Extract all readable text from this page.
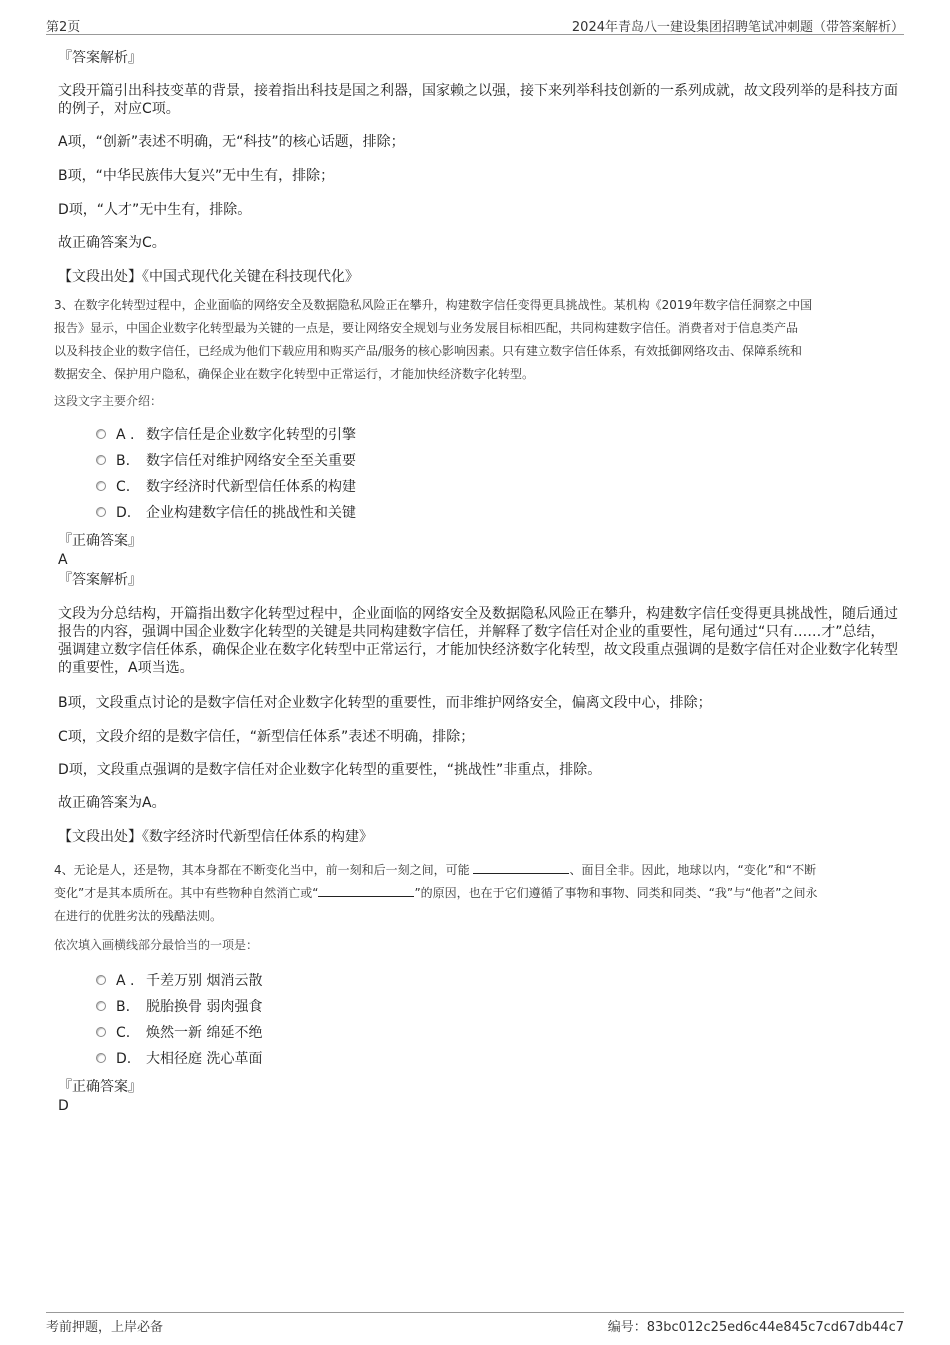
第2页	2024年青岛八一建设集团招聘笔试冲刺题（带答案解析）
『答案解析』
文段开篇引出科技变革的背景，接着指出科技是国之利器，国家赖之以强，接下来列举科技创新的一系列成就，故文段列举的是科技方面的例子，对应C项。
A项，“创新”表述不明确，无“科技”的核心话题，排除；
B项，“中华民族伟大复兴”无中生有，排除；
D项，“人才”无中生有，排除。
故正确答案为C。
【文段出处】《中国式现代化关键在科技现代化》
3、在数字化转型过程中，企业面临的网络安全及数据隐私风险正在攀升，构建数字信任变得更具挑战性。某机构《2019年数字信任洞察之中国
报告》显示，中国企业数字化转型最为关键的一点是，要让网络安全规划与业务发展目标相匹配，共同构建数字信任。消费者对于信息类产品
以及科技企业的数字信任，已经成为他们下载应用和购买产品/服务的核心影响因素。只有建立数字信任体系，有效抵御网络攻击、保障系统和
数据安全、保护用户隐私，确保企业在数字化转型中正常运行，才能加快经济数字化转型。
这段文字主要介绍：
A . 数字信任是企业数字化转型的引擎
B. 数字信任对维护网络安全至关重要
C. 数字经济时代新型信任体系的构建
D. 企业构建数字信任的挑战性和关键
『正确答案』
A
『答案解析』
文段为分总结构，开篇指出数字化转型过程中，企业面临的网络安全及数据隐私风险正在攀升，构建数字信任变得更具挑战性，随后通过报告的内容，强调中国企业数字化转型的关键是共同构建数字信任，并解释了数字信任对企业的重要性，尾句通过“只有……才”总结，强调建立数字信任体系，确保企业在数字化转型中正常运行，才能加快经济数字化转型，故文段重点强调的是数字信任对企业数字化转型的重要性，A项当选。
B项，文段重点讨论的是数字信任对企业数字化转型的重要性，而非维护网络安全，偏离文段中心，排除；
C项，文段介绍的是数字信任，“新型信任体系”表述不明确，排除；
D项，文段重点强调的是数字信任对企业数字化转型的重要性，“挑战性”非重点，排除。
故正确答案为A。
【文段出处】《数字经济时代新型信任体系的构建》
4、无论是人，还是物，其本身都在不断变化当中，前一刻和后一刻之间，可能	、面目全非。因此，地球以内，“变化”和“不断
变化”才是其本质所在。其中有些物种自然消亡或“	”的原因，也在于它们遵循了事物和事物、同类和同类、“我”与“他者”之间永
在进行的优胜劣汰的残酷法则。
依次填入画横线部分最恰当的一项是：
A . 千差万别 烟消云散
B. 脱胎换骨 弱肉强食
C. 焕然一新 绵延不绝
D. 大相径庭 洗心革面
『正确答案』
D
考前押题，上岸必备	编号：83bc012c25ed6c44e845c7cd67db44c7
